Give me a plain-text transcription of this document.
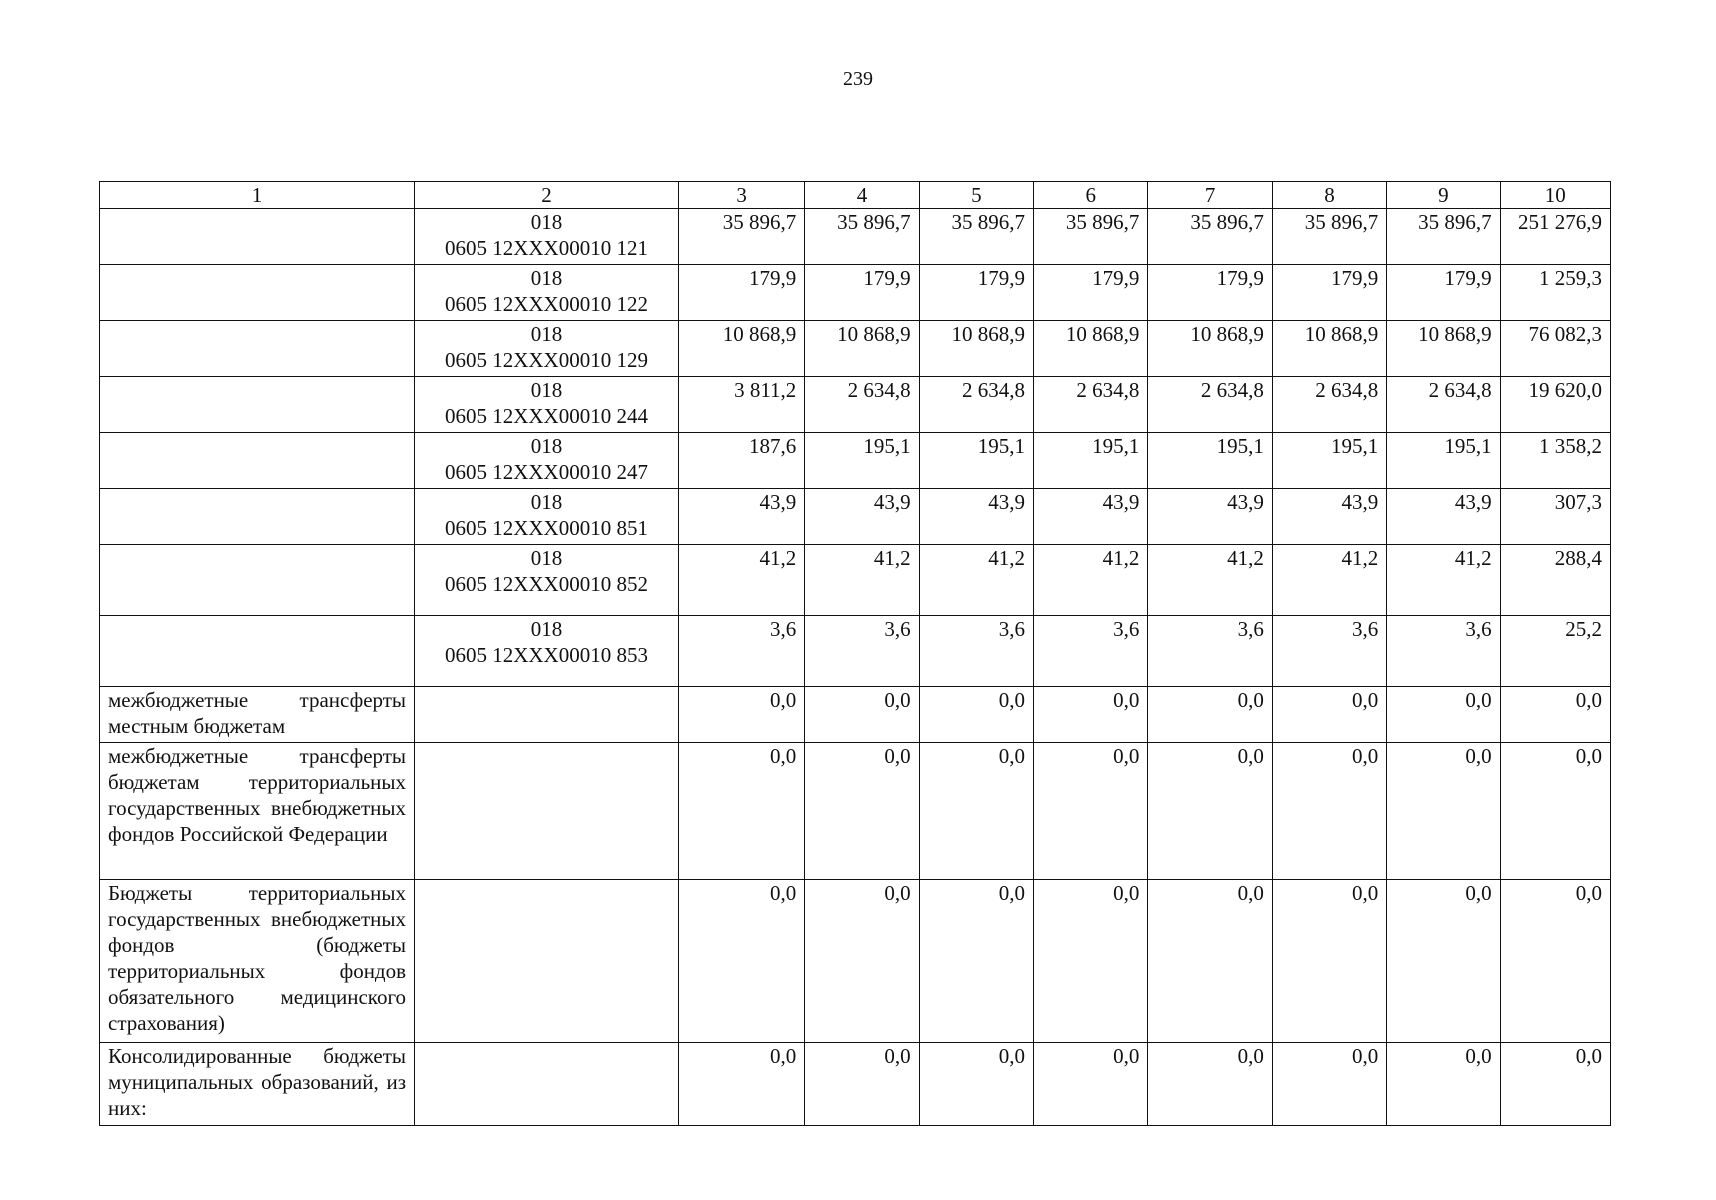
239
1	2	3	4	5	6	7	8	9	10

	018
0605 12XXX00010 121	35 896,7	35 896,7	35 896,7	35 896,7	35 896,7	35 896,7	35 896,7	251 276,9

	018
0605 12XXX00010 122	179,9	179,9	179,9	179,9	179,9	179,9	179,9	1 259,3

	018
0605 12XXX00010 129	10 868,9	10 868,9	10 868,9	10 868,9	10 868,9	10 868,9	10 868,9	76 082,3

	018
0605 12XXX00010 244	3 811,2	2 634,8	2 634,8	2 634,8	2 634,8	2 634,8	2 634,8	19 620,0

	018
0605 12XXX00010 247	187,6	195,1	195,1	195,1	195,1	195,1	195,1	1 358,2

	018
0605 12XXX00010 851	43,9	43,9	43,9	43,9	43,9	43,9	43,9	307,3

	018
0605 12XXX00010 852	41,2	41,2	41,2	41,2	41,2	41,2	41,2	288,4

	018
0605 12XXX00010 853	3,6	3,6	3,6	3,6	3,6	3,6	3,6	25,2
межбюджетные трансферты местным бюджетам		0,0	0,0	0,0	0,0	0,0	0,0	0,0	0,0
межбюджетные трансферты бюджетам территориальных государственных внебюджетных фондов Российской Федерации		0,0	0,0	0,0	0,0	0,0	0,0	0,0	0,0
Бюджеты территориальных государственных внебюджетных фондов (бюджеты территориальных фондов обязательного медицинского страхования)		0,0	0,0	0,0	0,0	0,0	0,0	0,0	0,0
Консолидированные бюджеты муниципальных образований, из них:		0,0	0,0	0,0	0,0	0,0	0,0	0,0	0,0
